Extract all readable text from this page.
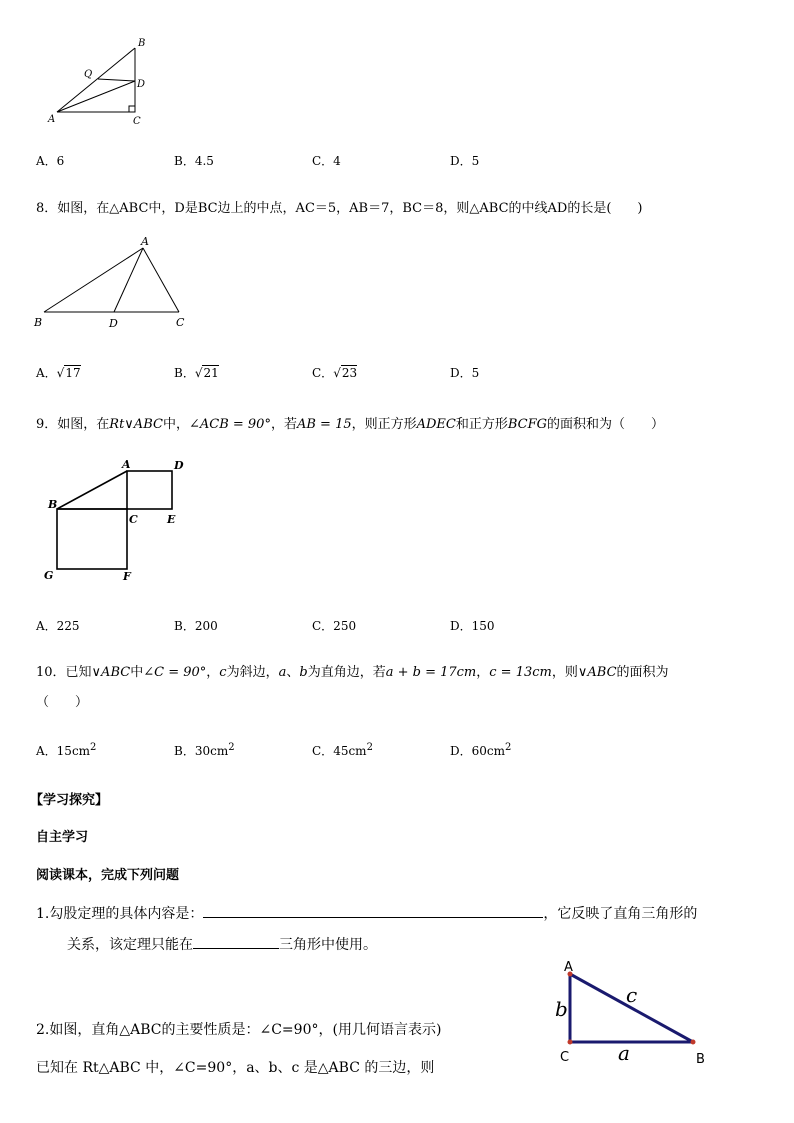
B
Q
D
A	C
A．6	B．4.5	C．4	D．5
8．如图，在△ABC中，D是BC边上的中点，AC＝5，AB＝7，BC＝8，则△ABC的中线AD的长是(　　)
A
B	D	C
A．√17	B．√21	C．√23	D．5
9．如图，在Rt∨ABC中，∠ACB = 90°，若AB = 15，则正方形ADEC和正方形BCFG的面积和为（　　）
A	D
B
C	E
G	F
A．225	B．200	C．250	D．150
10．已知∨ABC中∠C = 90°，c为斜边，a、b为直角边，若a + b = 17cm，c = 13cm，则∨ABC的面积为
（　　）
A．$15cm^2$	B．$30cm^2$	C．$45cm^2$	D．$60cm^2$
【学习探究】
自主学习
阅读课本，完成下列问题
1.勾股定理的具体内容是：	，它反映了直角三角形的
关系，该定理只能在	三角形中使用。
2.如图，直角△ABC的主要性质是：∠C=90°，(用几何语言表示)
已知在 Rt△ABC 中，∠C=90°，a、b、c 是△ABC 的三边，则
A
C	B
b
c
a
